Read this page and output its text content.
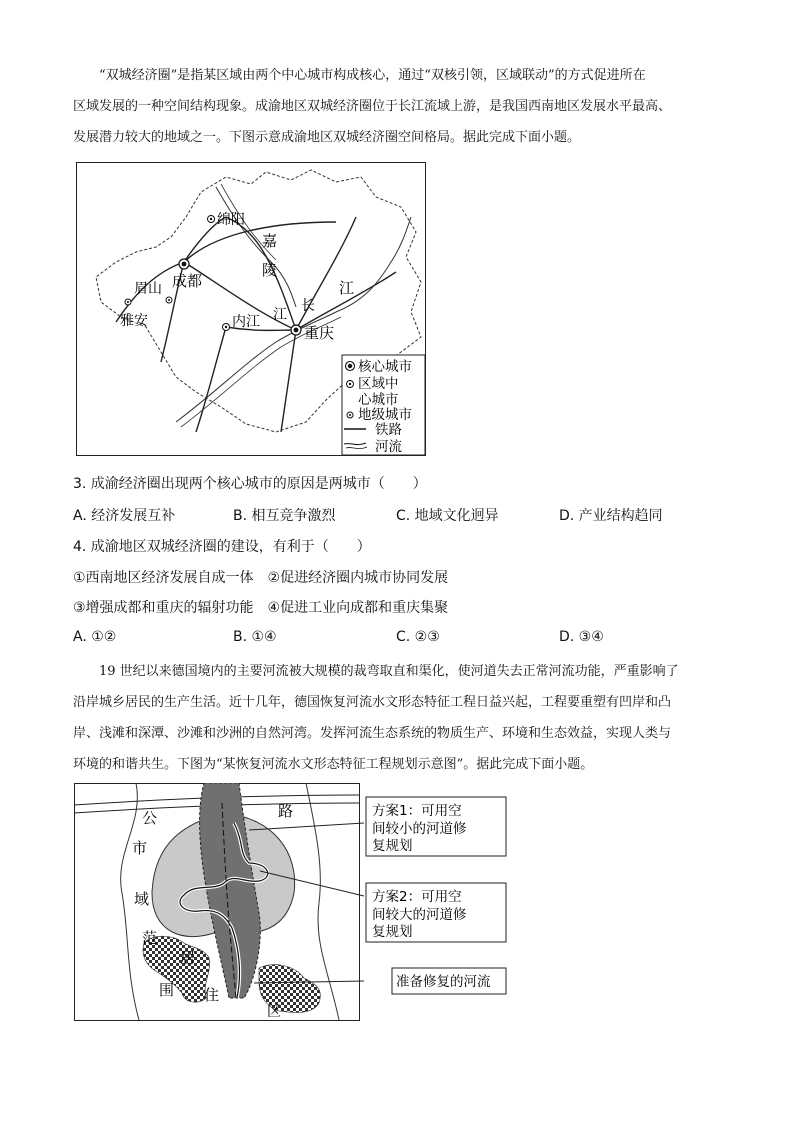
“双城经济圈”是指某区域由两个中心城市构成核心，通过“双核引领，区域联动”的方式促进所在
区域发展的一种空间结构现象。成渝地区双城经济圈位于长江流域上游，是我国西南地区发展水平最高、
发展潜力较大的地域之一。下图示意成渝地区双城经济圈空间格局。据此完成下面小题。
绵阳
嘉
陵
江
长
江
眉山 成都
雅安	内江
重庆
核心城市
区域中
心城市
地级城市
铁路
河流
3. 成渝经济圈出现两个核心城市的原因是两城市（　　）
A. 经济发展互补	B. 相互竞争激烈	C. 地域文化迥异	D. 产业结构趋同
4. 成渝地区双城经济圈的建设，有利于（　　）
①西南地区经济发展自成一体　②促进经济圈内城市协同发展
③增强成都和重庆的辐射功能　④促进工业向成都和重庆集聚
A. ①②	B. ①④	C. ②③	D. ③④
19 世纪以来德国境内的主要河流被大规模的裁弯取直和渠化，使河道失去正常河流功能，严重影响了
沿岸城乡居民的生产生活。近十几年，德国恢复河流水文形态特征工程日益兴起，工程要重塑有凹岸和凸
岸、浅滩和深潭、沙滩和沙洲的自然河湾。发挥河流生态系统的物质生产、环境和生态效益，实现人类与
环境的和谐共生。下图为“某恢复河流水文形态特征工程规划示意图”。据此完成下面小题。
路
公
市
域
范
围
居
住
区
方案1：可用空
间较小的河道修
复规划
方案2：可用空
间较大的河道修
复规划
准备修复的河流
